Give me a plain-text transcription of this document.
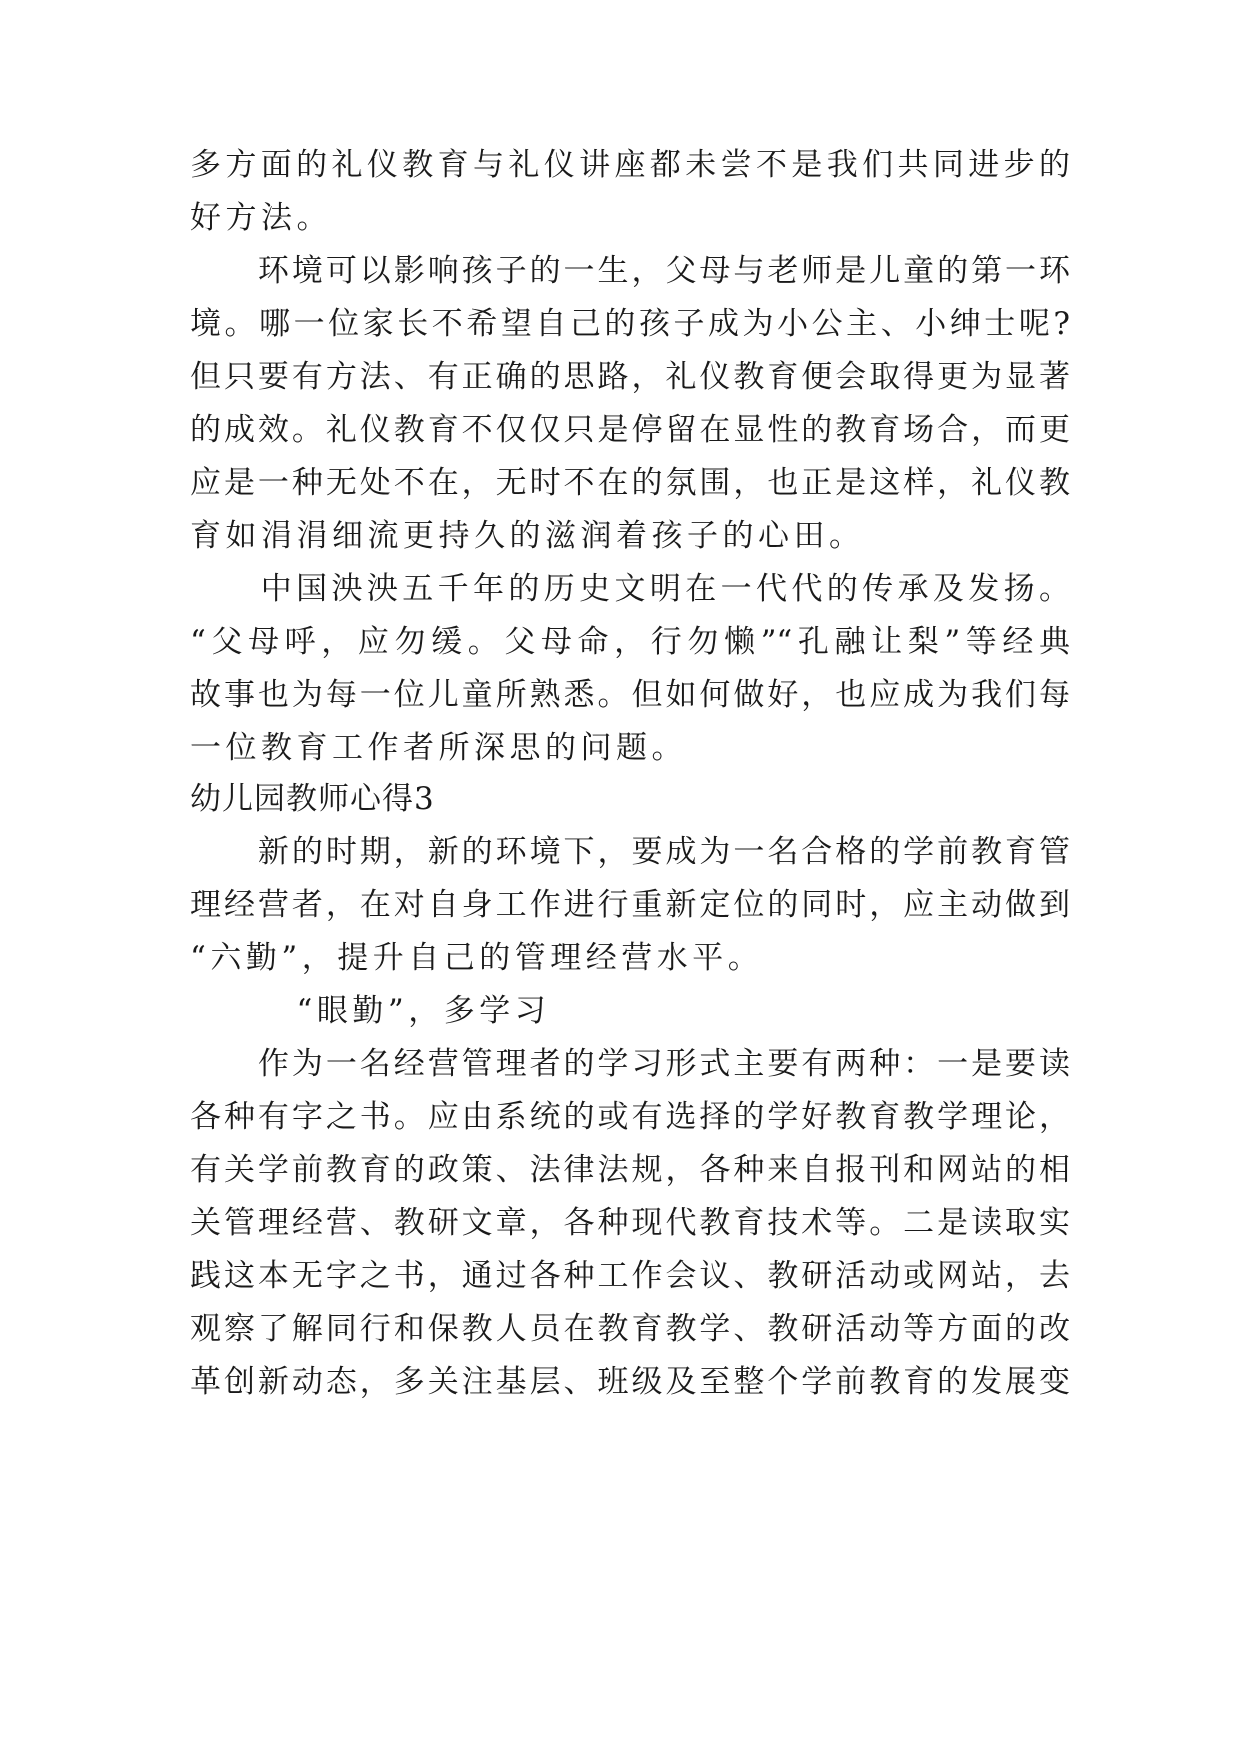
多方面的礼仪教育与礼仪讲座都未尝不是我们共同进步的
好方法。
　　环境可以影响孩子的一生，父母与老师是儿童的第一环
境。哪一位家长不希望自己的孩子成为小公主、小绅士呢?
但只要有方法、有正确的思路，礼仪教育便会取得更为显著
的成效。礼仪教育不仅仅只是停留在显性的教育场合，而更
应是一种无处不在，无时不在的氛围，也正是这样，礼仪教
育如涓涓细流更持久的滋润着孩子的心田。
　　中国泱泱五千年的历史文明在一代代的传承及发扬。
“父母呼，应勿缓。父母命，行勿懒”“孔融让梨”等经典
故事也为每一位儿童所熟悉。但如何做好，也应成为我们每
一位教育工作者所深思的问题。
幼儿园教师心得3
　　新的时期，新的环境下，要成为一名合格的学前教育管
理经营者，在对自身工作进行重新定位的同时，应主动做到
“六勤”，提升自己的管理经营水平。
　　　“眼勤”，多学习
　　作为一名经营管理者的学习形式主要有两种：一是要读
各种有字之书。应由系统的或有选择的学好教育教学理论，
有关学前教育的政策、法律法规，各种来自报刊和网站的相
关管理经营、教研文章，各种现代教育技术等。二是读取实
践这本无字之书，通过各种工作会议、教研活动或网站，去
观察了解同行和保教人员在教育教学、教研活动等方面的改
革创新动态，多关注基层、班级及至整个学前教育的发展变
